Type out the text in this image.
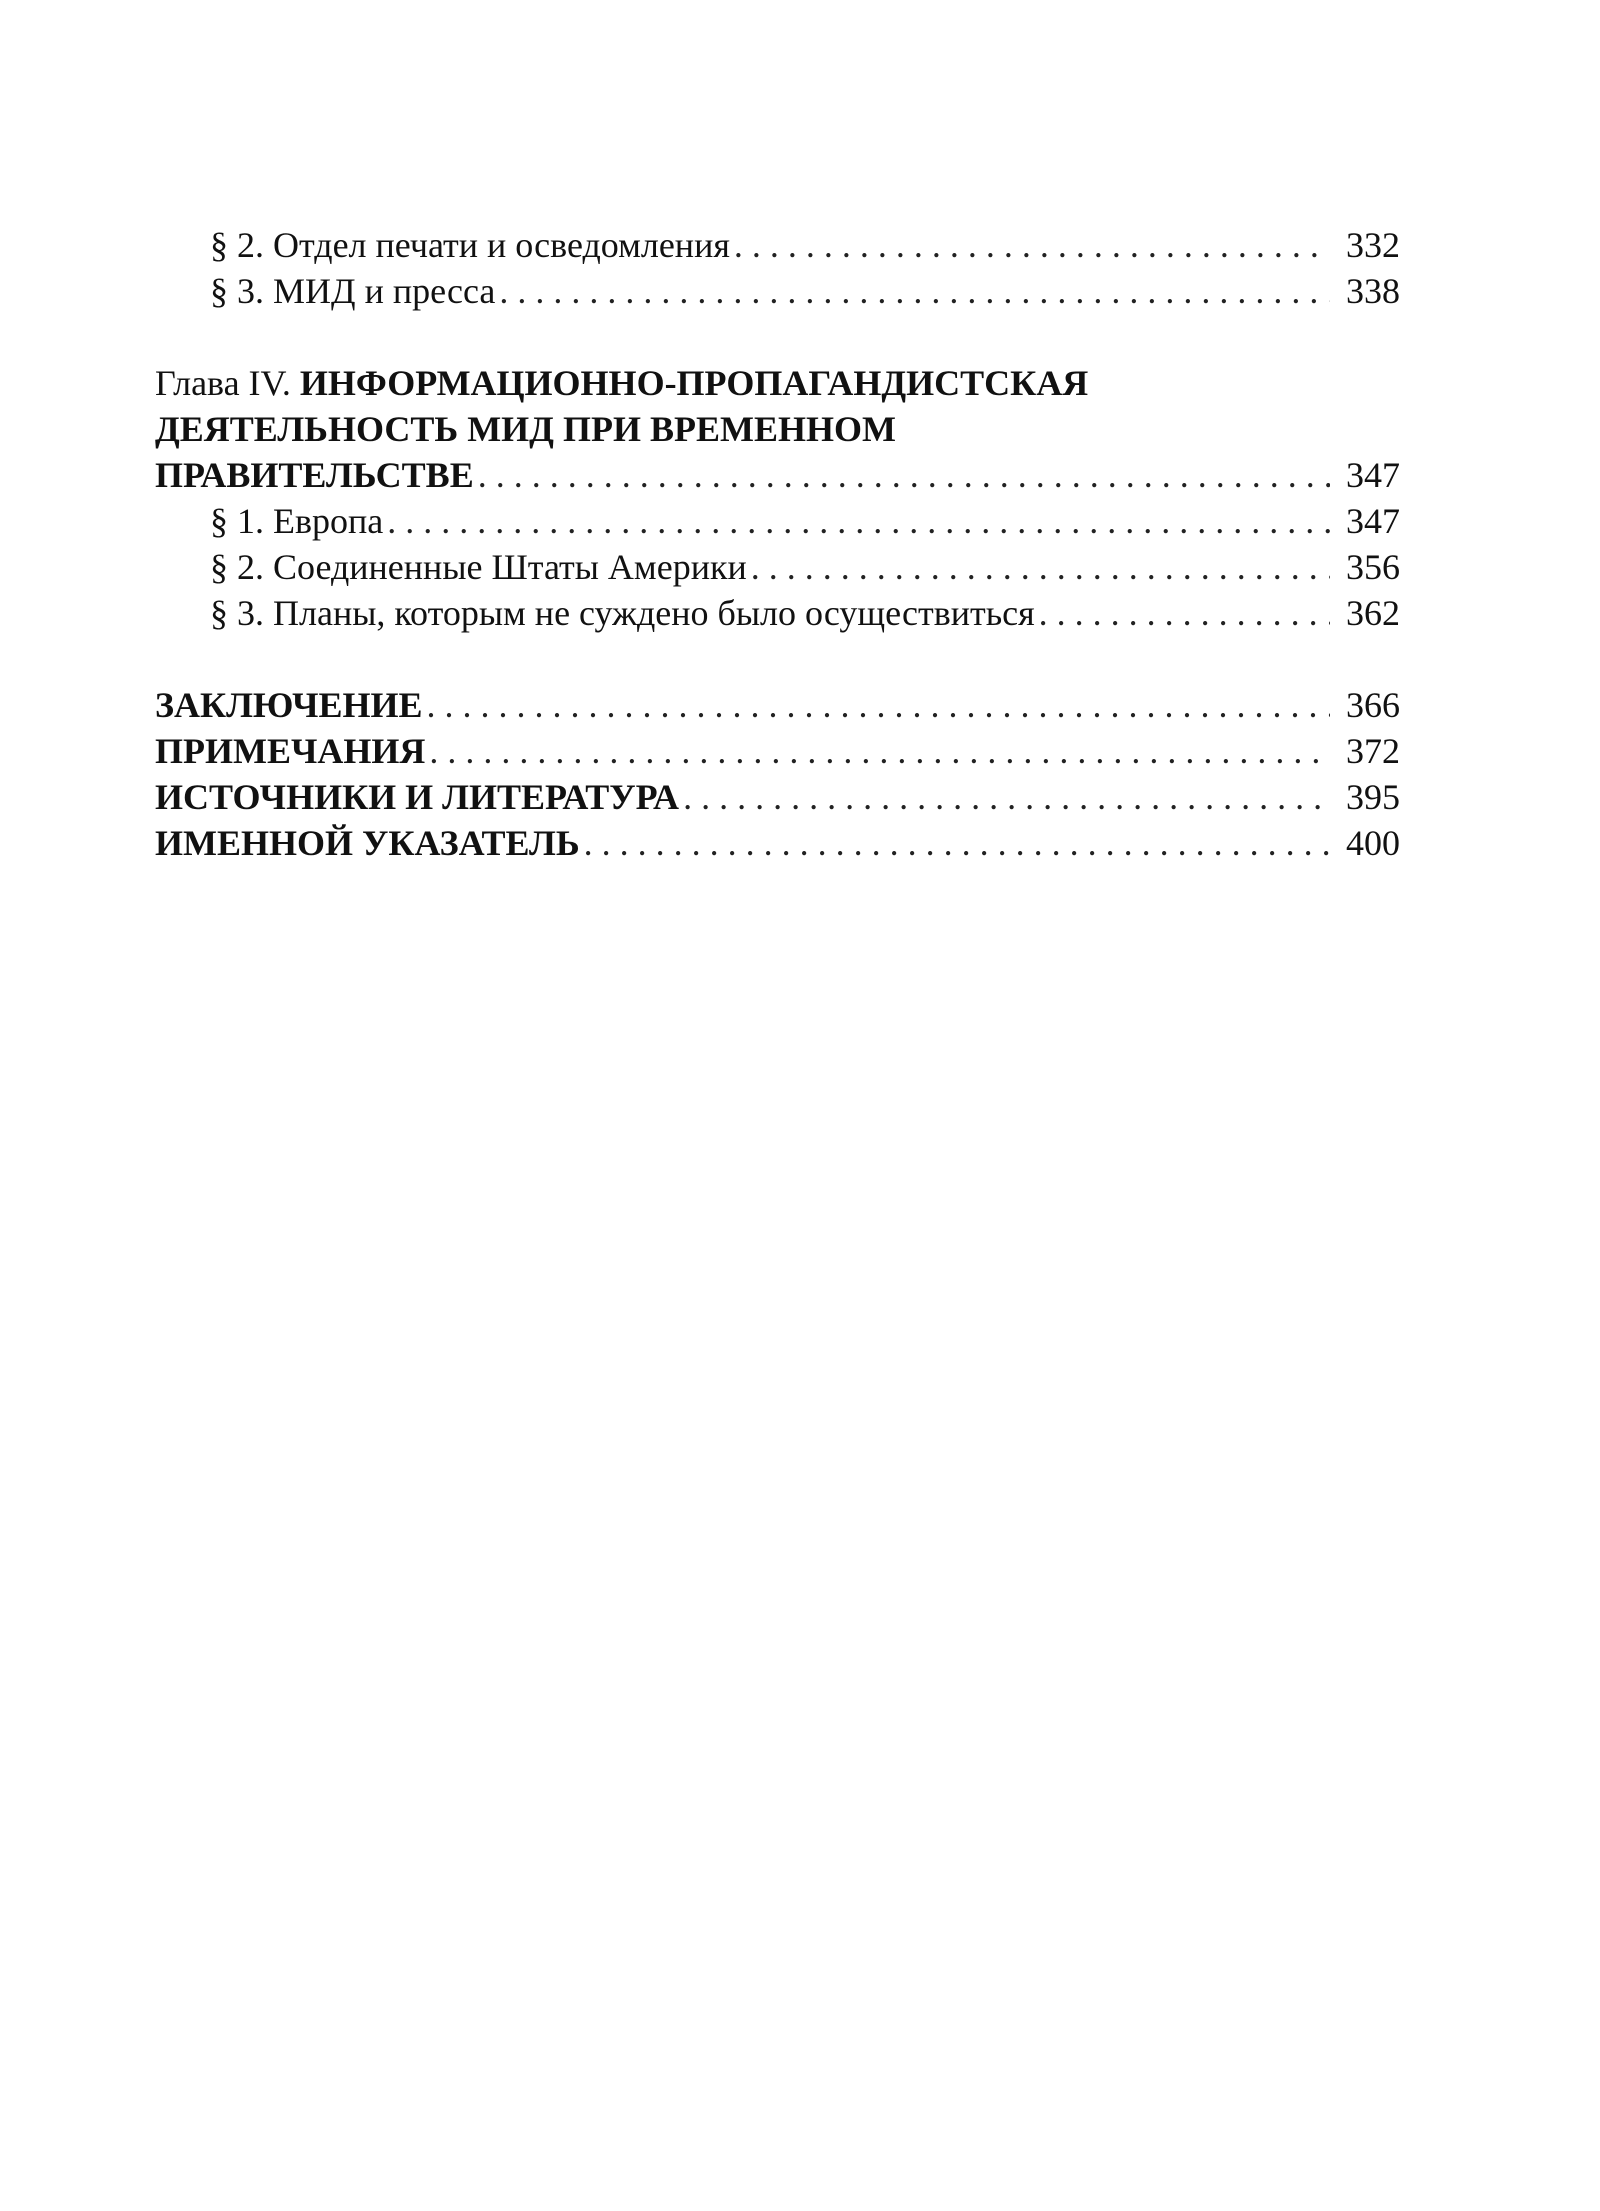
§ 2. Отдел печати и осведомления . . .	332
§ 3. МИД и пресса . . .	338
Глава IV. ИНФОРМАЦИОННО-ПРОПАГАНДИСТСКАЯ
ДЕЯТЕЛЬНОСТЬ МИД ПРИ ВРЕМЕННОМ
ПРАВИТЕЛЬСТВЕ . . .	347
§ 1. Европа . . .	347
§ 2. Соединенные Штаты Америки . . .	356
§ 3. Планы, которым не суждено было осуществиться . . .	362
ЗАКЛЮЧЕНИЕ . . .	366
ПРИМЕЧАНИЯ . . .	372
ИСТОЧНИКИ И ЛИТЕРАТУРА . . .	395
ИМЕННОЙ УКАЗАТЕЛЬ . . .	400
